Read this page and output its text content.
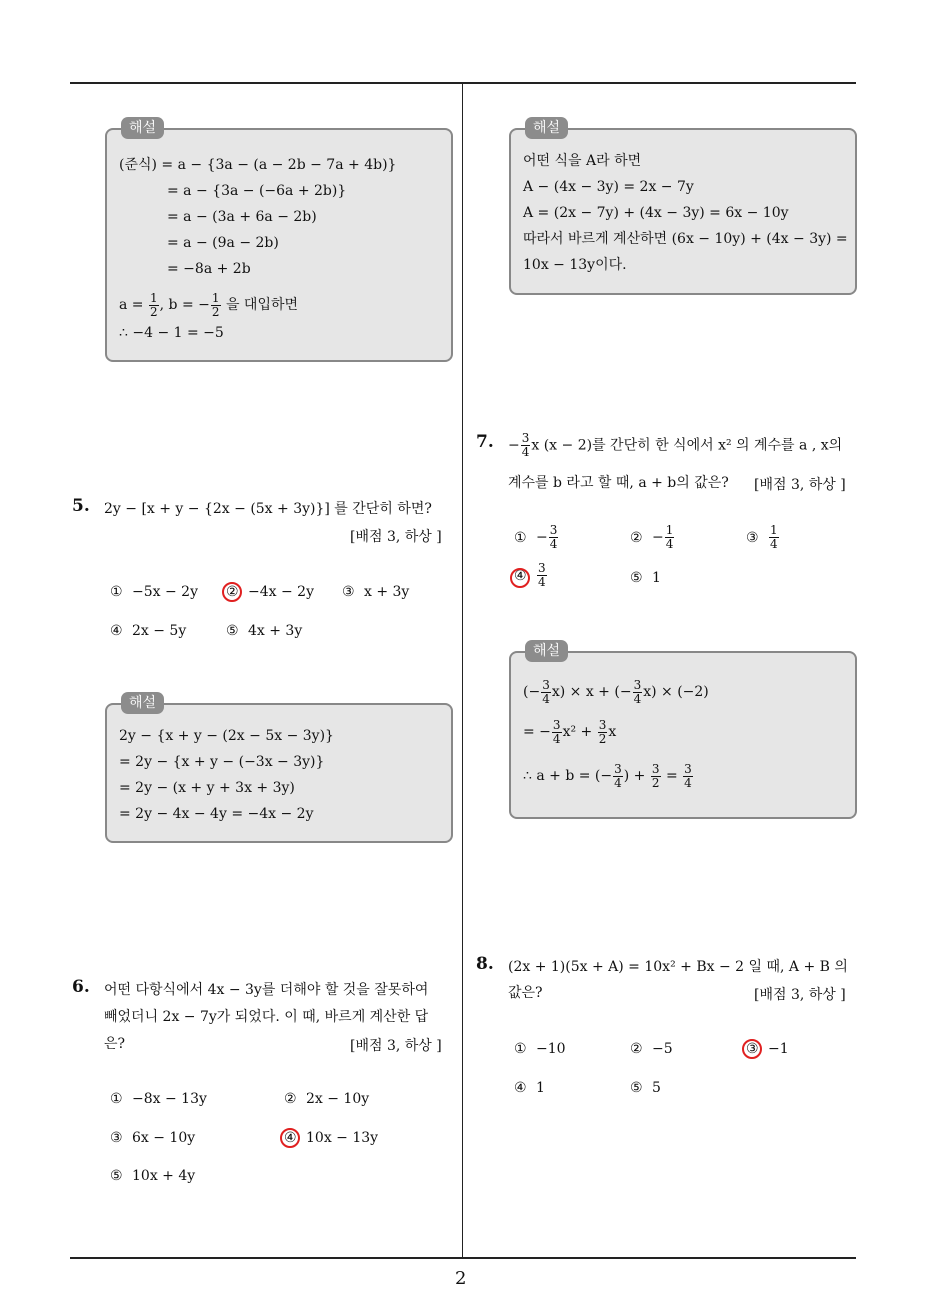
2
해설
(준식) = a − {3a − (a − 2b − 7a + 4b)}
= a − {3a − (−6a + 2b)}
= a − (3a + 6a − 2b)
= a − (9a − 2b)
= −8a + 2b
$a = \frac{1}{2}$ , b = − $\frac{1}{2}$ 을 대입하면
∴ −4 − 1 = −5
5. 2y − [x + y − {2x − (5x + 3y)}] 를 간단히 하면?
[배점 3, 하상 ]
① −5x − 2y ② −4x − 2y ③ x + 3y
④ 2x − 5y	⑤ 4x + 3y
해설
2y − {x + y − (2x − 5x − 3y)}
= 2y − {x + y − (−3x − 3y)}
= 2y − (x + y + 3x + 3y)
= 2y − 4x − 4y = −4x − 2y
6. 어떤 다항식에서 4x − 3y를 더해야 할 것을 잘못하여
빼었더니 2x − 7y가 되었다. 이 때, 바르게 계산한 답
은?	[배점 3, 하상 ]
① −8x − 13y	② 2x − 10y
③ 6x − 10y	④ 10x − 13y
⑤ 10x + 4y
해설
어떤 식을 A라 하면
A − (4x − 3y) = 2x − 7y
A = (2x − 7y) + (4x − 3y) = 6x − 10y
따라서 바르게 계산하면 (6x − 10y) + (4x − 3y) =
10x − 13y이다.
7. − $\frac{3}{4}$ x (x − 2)를 간단히 한 식에서 x² 의 계수를 a , x의
계수를 b 라고 할 때, a + b의 값은? [배점 3, 하상 ]
① − $\frac{3}{4}$	② − $\frac{1}{4}$	③ $\frac{1}{4}$
④ $\frac{3}{4}$	⑤ 1
해설
(− $\frac{3}{4} x) \times x$ + (− $\frac{3}{4} x) \times (-2)$
= − $\frac{3}{4} x^2 + \frac{3}{2}$ x
∴ a + b = (− $\frac{3}{4}$ ) + $\frac{3}{2} = \frac{3}{4}$
8. (2x + 1)(5x + A) = 10x² + Bx − 2 일 때, A + B 의
값은?	[배점 3, 하상 ]
① −10	② −5	③ −1
④ 1	⑤ 5
